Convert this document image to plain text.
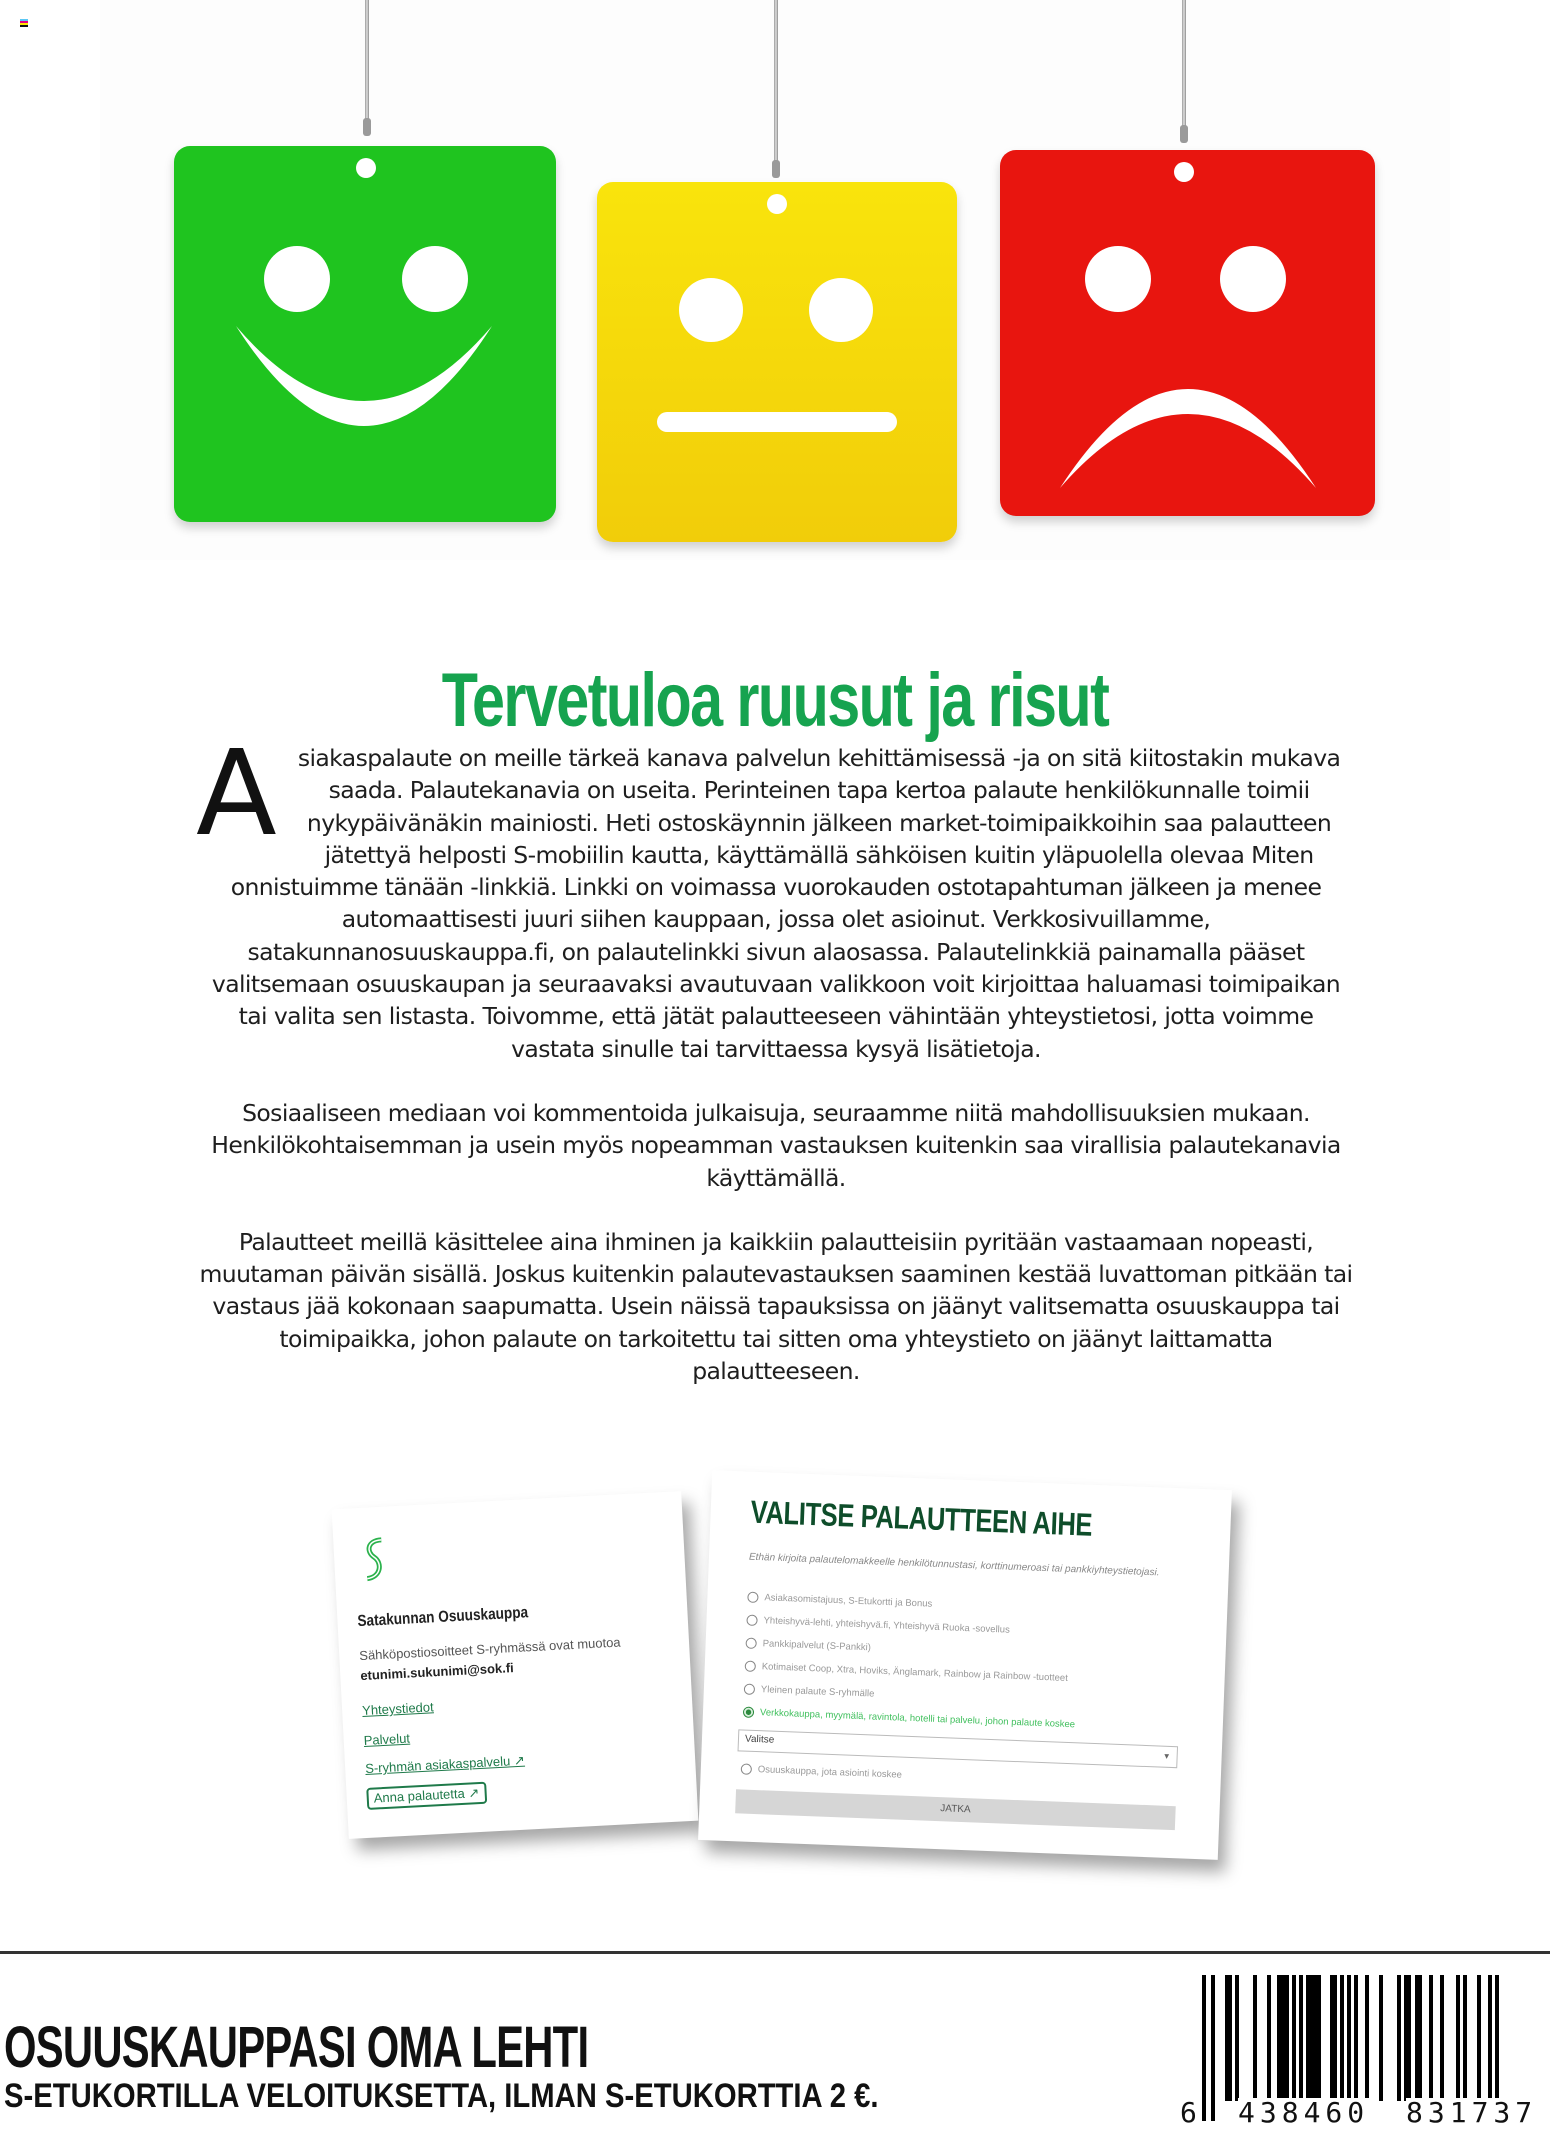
Tervetuloa ruusut ja risut

Asiakaspalaute on meille tärkeä kanava palvelun kehittämisessä -ja on sitä kiitostakin mukava saada. Palautekanavia on useita. Perinteinen tapa kertoa palaute henkilökunnalle toimii nykypäivänäkin mainiosti. Heti ostoskäynnin jälkeen market-toimipaikkoihin saa palautteen jätettyä helposti S-mobiilin kautta, käyttämällä sähköisen kuitin yläpuolella olevaa Miten onnistuimme tänään -linkkiä. Linkki on voimassa vuorokauden ostotapahtuman jälkeen ja menee automaattisesti juuri siihen kauppaan, jossa olet asioinut. Verkkosivuillamme, satakunnanosuuskauppa.fi, on palautelinkki sivun alaosassa. Palautelinkkiä painamalla pääset valitsemaan osuuskaupan ja seuraavaksi avautuvaan valikkoon voit kirjoittaa haluamasi toimipaikan tai valita sen listasta. Toivomme, että jätät palautteeseen vähintään yhteystietosi, jotta voimme vastata sinulle tai tarvittaessa kysyä lisätietoja.

Sosiaaliseen mediaan voi kommentoida julkaisuja, seuraamme niitä mahdollisuuksien mukaan. Henkilökohtaisemman ja usein myös nopeamman vastauksen kuitenkin saa virallisia palautekanavia käyttämällä.

Palautteet meillä käsittelee aina ihminen ja kaikkiin palautteisiin pyritään vastaamaan nopeasti, muutaman päivän sisällä. Joskus kuitenkin palautevastauksen saaminen kestää luvattoman pitkään tai vastaus jää kokonaan saapumatta. Usein näissä tapauksissa on jäänyt valitsematta osuuskauppa tai toimipaikka, johon palaute on tarkoitettu tai sitten oma yhteystieto on jäänyt laittamatta palautteeseen.

Satakunnan Osuuskauppa
Sähköpostiosoitteet S-ryhmässä ovat muotoa
etunimi.sukunimi@sok.fi
Yhteystiedot
Palvelut
S-ryhmän asiakaspalvelu ↗
Anna palautetta ↗
VALITSE PALAUTTEEN AIHE
Ethän kirjoita palautelomakkeelle henkilötunnustasi, korttinumeroasi tai pankkiyhteystietojasi.
Asiakasomistajuus, S-Etukortti ja Bonus
Yhteishyvä-lehti, yhteishyvä.fi, Yhteishyvä Ruoka -sovellus
Pankkipalvelut (S-Pankki)
Kotimaiset Coop, Xtra, Hoviks, Änglamark, Rainbow ja Rainbow -tuotteet
Yleinen palaute S-ryhmälle
Verkkokauppa, myymälä, ravintola, hotelli tai palvelu, johon palaute koskee
Valitse
▼
Osuuskauppa, jota asiointi koskee
JATKA
OSUUSKAUPPASI OMA LEHTI
S-ETUKORTILLA VELOITUKSETTA, ILMAN S-ETUKORTTIA 2 €.	6 438460 831737
